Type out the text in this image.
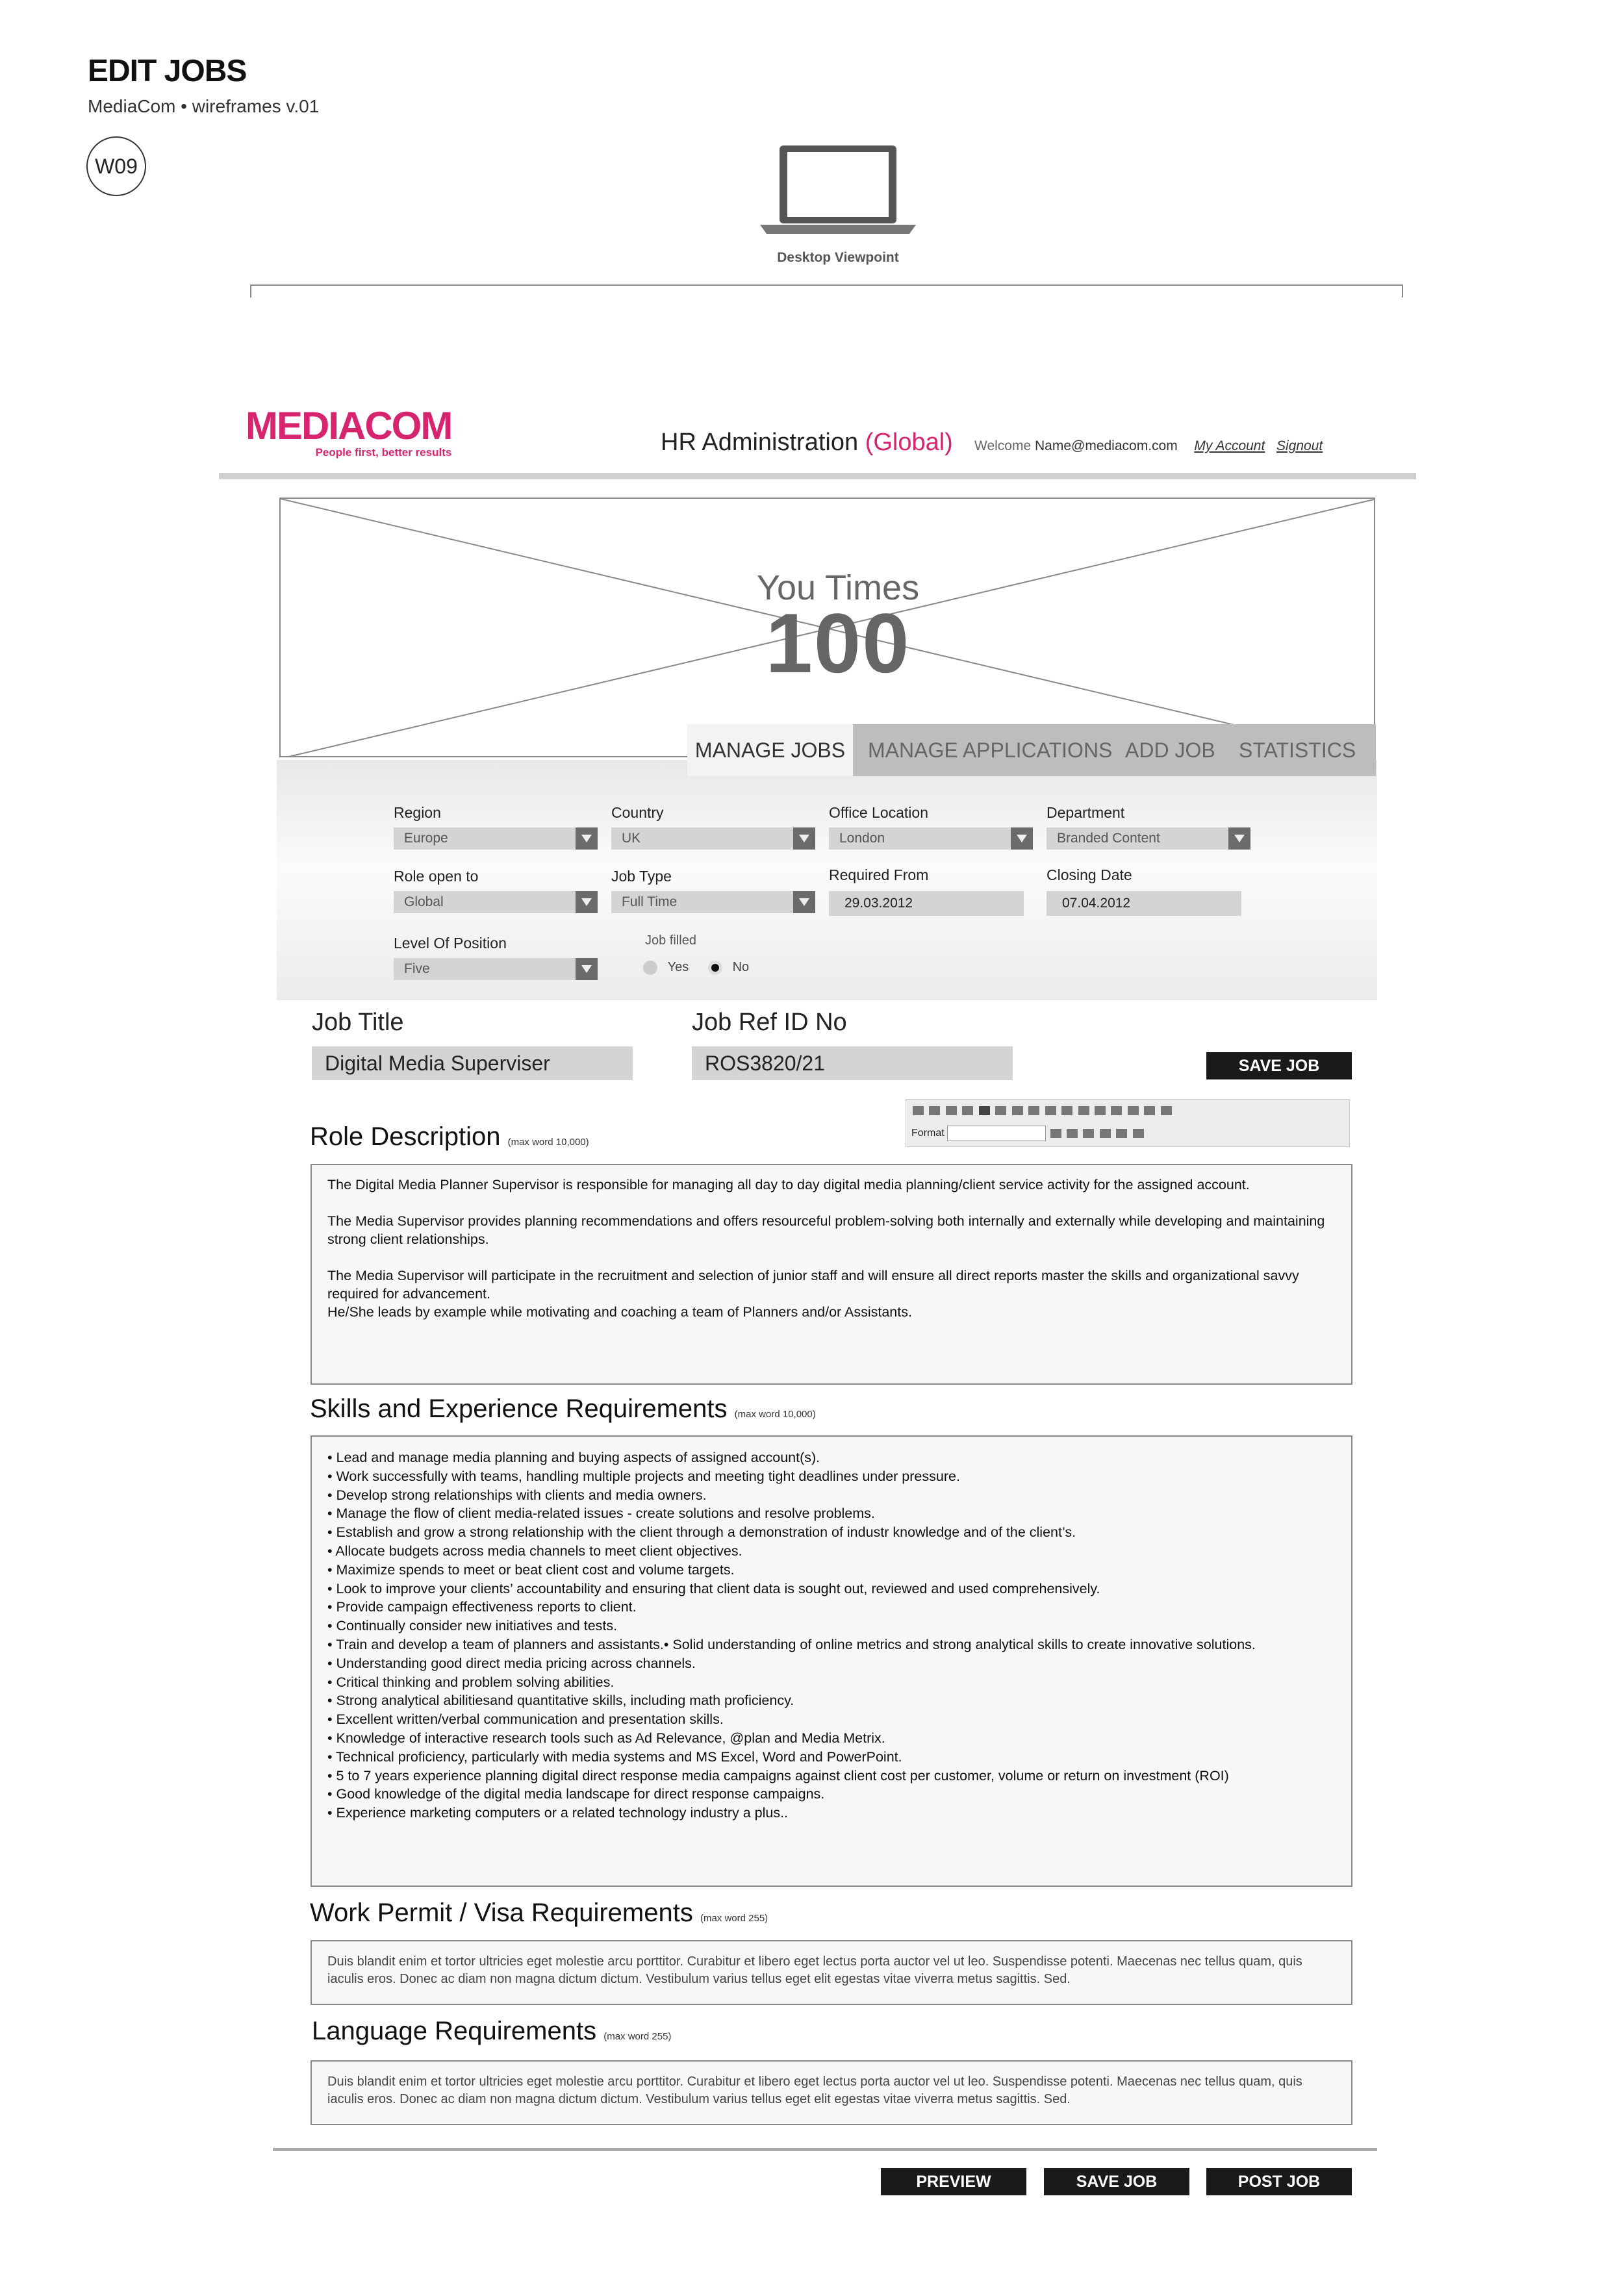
EDIT JOBS
MediaCom • wireframes v.01
W09
Desktop Viewpoint
MEDIACOM
People first, better results	HR Administration (Global) Welcome Name@mediacom.com My Account Signout
You Times
100
MANAGE JOBS	MANAGE APPLICATIONS ADD JOB STATISTICS
Region
Europe
Country
UK
Office Location
London
Department
Branded Content
Role open to
Global
Job Type
Full Time
Required From
29.03.2012
Closing Date
07.04.2012
Level Of Position
Five
Job filled
Yes	No
Job Title
Digital Media Superviser
Job Ref ID No
ROS3820/21	SAVE JOB

Format
Role Description (max word 10,000)

The Digital Media Planner Supervisor is responsible for managing all day to day digital media planning/client service activity for the assigned account.

The Media Supervisor provides planning recommendations and offers resourceful problem-solving both internally and externally while developing and maintaining strong client relationships.

The Media Supervisor will participate in the recruitment and selection of junior staff and will ensure all direct reports master the skills and organizational savvy required for advancement.

He/She leads by example while motivating and coaching a team of Planners and/or Assistants.

Skills and Experience Requirements (max word 10,000)
• Lead and manage media planning and buying aspects of assigned account(s).
• Work successfully with teams, handling multiple projects and meeting tight deadlines under pressure.
• Develop strong relationships with clients and media owners.
• Manage the flow of client media-related issues - create solutions and resolve problems.
• Establish and grow a strong relationship with the client through a demonstration of industr knowledge and of the client’s.
• Allocate budgets across media channels to meet client objectives.
• Maximize spends to meet or beat client cost and volume targets.
• Look to improve your clients’ accountability and ensuring that client data is sought out, reviewed and used comprehensively.
• Provide campaign effectiveness reports to client.
• Continually consider new initiatives and tests.
• Train and develop a team of planners and assistants.• Solid understanding of online metrics and strong analytical skills to create innovative solutions.
• Understanding good direct media pricing across channels.
• Critical thinking and problem solving abilities.
• Strong analytical abilitiesand quantitative skills, including math proficiency.
• Excellent written/verbal communication and presentation skills.
• Knowledge of interactive research tools such as Ad Relevance, @plan and Media Metrix.
• Technical proficiency, particularly with media systems and MS Excel, Word and PowerPoint.
• 5 to 7 years experience planning digital direct response media campaigns against client cost per customer, volume or return on investment (ROI)
• Good knowledge of the digital media landscape for direct response campaigns.
• Experience marketing computers or a related technology industry a plus..
Work Permit / Visa Requirements (max word 255)
Duis blandit enim et tortor ultricies eget molestie arcu porttitor. Curabitur et libero eget lectus porta auctor vel ut leo. Suspendisse potenti. Maecenas nec tellus quam, quis iaculis eros. Donec ac diam non magna dictum dictum. Vestibulum varius tellus eget elit egestas vitae viverra metus sagittis. Sed.
Language Requirements (max word 255)
Duis blandit enim et tortor ultricies eget molestie arcu porttitor. Curabitur et libero eget lectus porta auctor vel ut leo. Suspendisse potenti. Maecenas nec tellus quam, quis iaculis eros. Donec ac diam non magna dictum dictum. Vestibulum varius tellus eget elit egestas vitae viverra metus sagittis. Sed.
PREVIEW	SAVE JOB	POST JOB
